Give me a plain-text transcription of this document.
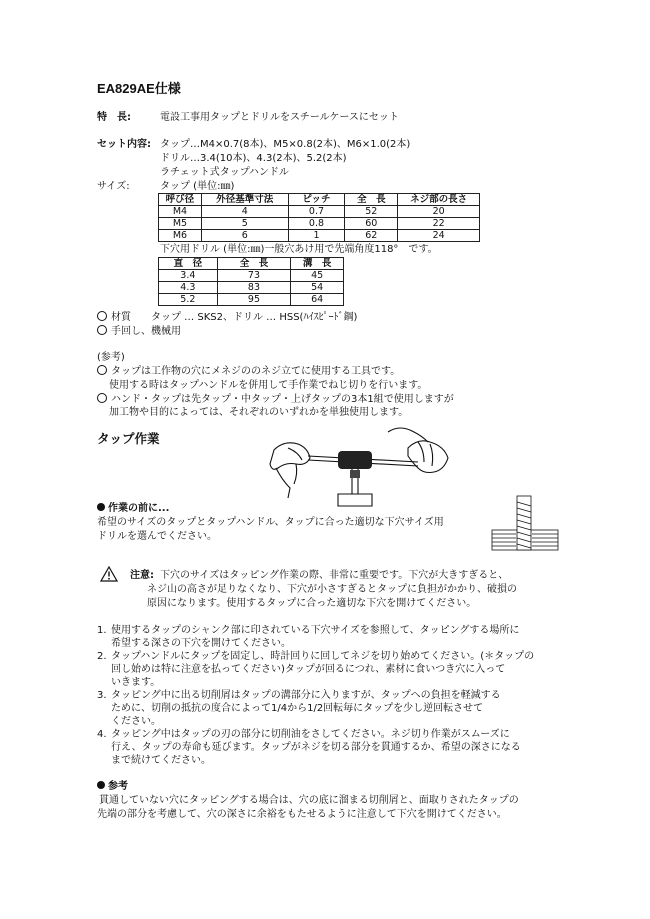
EA829AE仕様
特　長:	電設工事用タップとドリルをスチールケースにセット
セット内容: タップ…M4×0.7(8本)、M5×0.8(2本)、M6×1.0(2本)
ドリル…3.4(10本)、4.3(2本)、5.2(2本)
ラチェット式タップハンドル
サイズ:	タップ (単位:㎜)
呼び径	外径基準寸法	ピッチ	全　長	ネジ部の長さ
M4	4	0.7	52	20
M5	5	0.8	60	22
M6	6	1	62	24
下穴用ドリル (単位:㎜)一般穴あけ用で先端角度118°　です。
直　径	全　長	溝　長
3.4	73	45
4.3	83	54
5.2	95	64
材質　　タップ … SKS2、ドリル … HSS(ﾊｲｽﾋﾟｰﾄﾞ鋼)
手回し、機械用
(参考)
タップは工作物の穴にメネジののネジ立てに使用する工具です。
使用する時はタップハンドルを併用して手作業でねじ切りを行います。
ハンド・タップは先タップ・中タップ・上げタップの3本1組で使用しますが
加工物や目的によっては、それぞれのいずれかを単独使用します。
タップ作業
作業の前に...
希望のサイズのタップとタップハンドル、タップに合った適切な下穴サイズ用
ドリルを選んでください。
注意: 下穴のサイズはタッピング作業の際、非常に重要です。下穴が大きすぎると、
ネジ山の高さが足りなくなり、下穴が小さすぎるとタップに負担がかかり、破損の
原因になります。使用するタップに合った適切な下穴を開けてください。
1. 使用するタップのシャンク部に印されている下穴サイズを参照して、タッピングする場所に
希望する深さの下穴を開けてください。
2. タップハンドルにタップを固定し、時計回りに回してネジを切り始めてください。(＊タップの
回し始めは特に注意を払ってください)タップが回るにつれ、素材に食いつき穴に入って
いきます。
3. タッピング中に出る切削屑はタップの溝部分に入りますが、タップへの負担を軽減する
ために、切削の抵抗の度合によって1/4から1/2回転毎にタップを少し逆回転させて
ください。
4. タッピング中はタップの刃の部分に切削油をさしてください。ネジ切り作業がスムーズに
行え、タップの寿命も延びます。タップがネジを切る部分を貫通するか、希望の深さになる
まで続けてください。
参考
貫通していない穴にタッピングする場合は、穴の底に溜まる切削屑と、面取りされたタップの
先端の部分を考慮して、穴の深さに余裕をもたせるように注意して下穴を開けてください。
